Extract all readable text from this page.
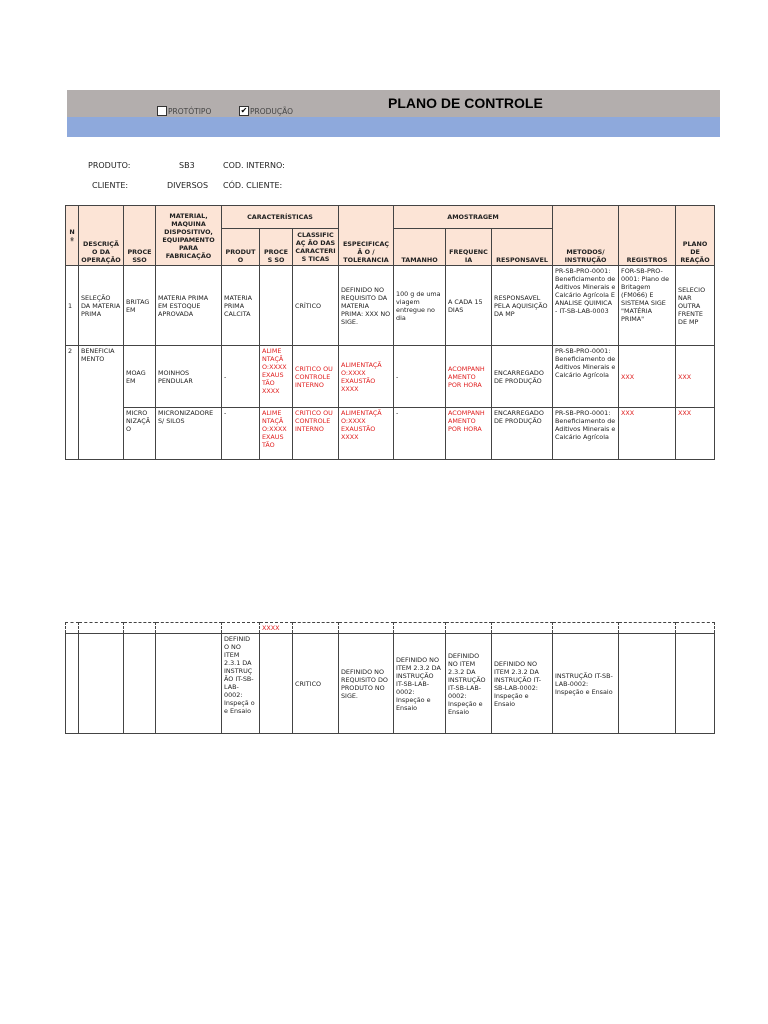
PROTÓTIPO	✔ PRODUÇÃO	PLANO DE CONTROLE
PRODUTO:	SB3	COD. INTERNO:
CLIENTE:	DIVERSOS CÓD. CLIENTE:
N º	DESCRIÇÃO DA OPERAÇÃO	PROCE SSO	MATERIAL, MAQUINA DISPOSITIVO, EQUIPAMENTO PARA FABRICAÇÃO	CARACTERÍSTICAS			ESPECIFICAÇÃ O / TOLERANCIA	AMOSTRAGEM			METODOS/ INSTRUÇÃO	REGISTROS	PLANO DE REAÇÃO
				PRODUTO	PROCES SO	CLASSIFICAÇ ÃO DAS CARACTERIS TICAS		TAMANHO	FREQUENCIA	RESPONSAVEL			
1	SELEÇÃO DA MATERIA PRIMA	BRITAG EM	MATERIA PRIMA EM ESTOQUE APROVADA	MATERIA PRIMA CALCITA		CRÍTICO	DEFINIDO NO REQUISITO DA MATERIA PRIMA: XXX NO SIGE.	100 g de uma viagem entregue no dia	A CADA 15 DIAS	RESPONSAVEL PELA AQUISIÇÃO DA MP	PR-SB-PRO-0001: Beneficiamento de Aditivos Minerais e Calcário Agrícola E ANALISE QUIMICA - IT-SB-LAB-0003	FOR-SB-PRO-0001: Plano de Britagem (FM066) E SISTEMA SIGE "MATÉRIA PRIMA"	SELECIO NAR OUTRA FRENTE DE MP
2	BENEFICIA MENTO	MOAG EM	MOINHOS PENDULAR	-	ALIME NTAÇÃ O:XXXX EXAUS TÃO XXXX	CRITICO OU CONTROLE INTERNO	ALIMENTAÇÃ O:XXXX EXAUSTÃO XXXX	-	ACOMPANH AMENTO POR HORA	ENCARREGADO DE PRODUÇÃO	PR-SB-PRO-0001: Beneficiamento de Aditivos Minerais e Calcário Agrícola	XXX	XXX
		MICRO NIZAÇÃ O	MICRONIZADORE S/ SILOS	-	ALIME NTAÇÃ O:XXXX EXAUS TÃO	CRITICO OU CONTROLE INTERNO	ALIMENTAÇÃ O:XXXX EXAUSTÃO XXXX	-	ACOMPANH AMENTO POR HORA	ENCARREGADO DE PRODUÇÃO	PR-SB-PRO-0001: Beneficiamento de Aditivos Minerais e Calcário Agrícola	XXX	XXX
					XXXX								
				DEFINID O NO ITEM 2.3.1 DA INSTRUÇ ÃO IT-SB-LAB-0002: Inspeçã o e Ensaio		CRITICO	DEFINIDO NO REQUISITO DO PRODUTO NO SIGE.	DEFINIDO NO ITEM 2.3.2 DA INSTRUÇÃO IT-SB-LAB-0002: Inspeção e Ensaio	DEFINIDO NO ITEM 2.3.2 DA INSTRUÇÃO IT-SB-LAB-0002: Inspeção e Ensaio	DEFINIDO NO ITEM 2.3.2 DA INSTRUÇÃO IT-SB-LAB-0002: Inspeção e Ensaio	INSTRUÇÃO IT-SB-LAB-0002: Inspeção e Ensaio		
